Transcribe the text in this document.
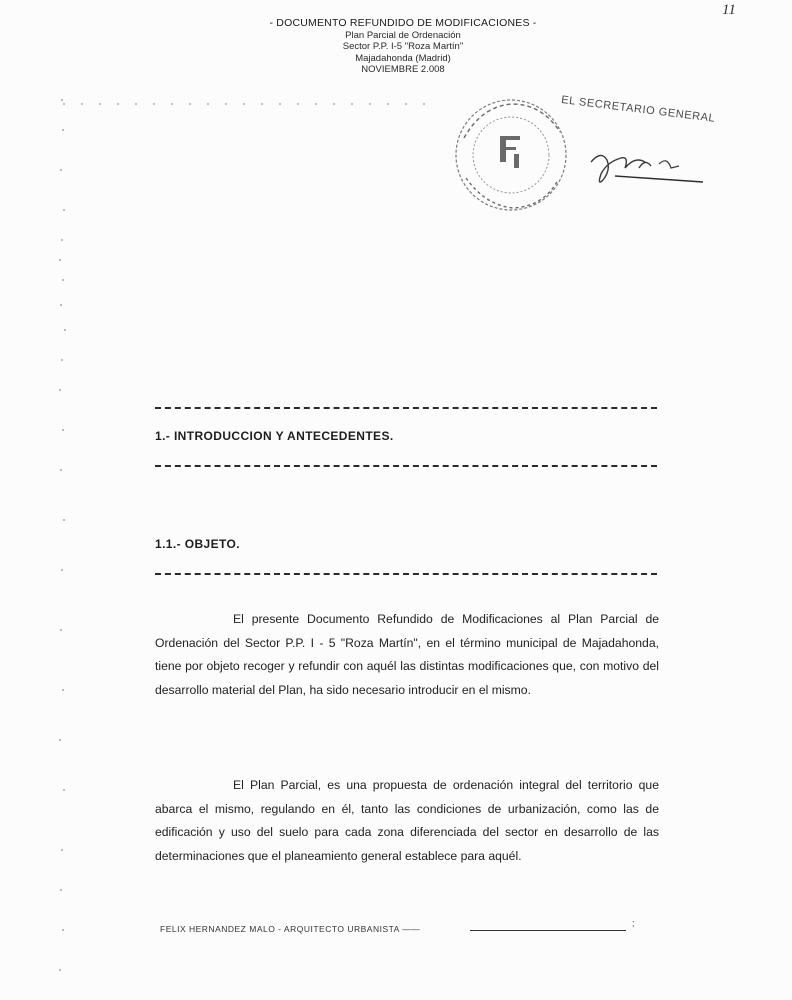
11
- DOCUMENTO REFUNDIDO DE MODIFICACIONES -
Plan Parcial de Ordenación
Sector P.P. I-5 "Roza Martín"
Majadahonda (Madrid)
NOVIEMBRE 2.008
EL SECRETARIO GENERAL
1.- INTRODUCCION Y ANTECEDENTES.
1.1.- OBJETO.

El presente Documento Refundido de Modificaciones al Plan Parcial de Ordenación del Sector P.P. I - 5 "Roza Martín", en el término municipal de Majadahonda, tiene por objeto recoger y refundir con aquél las distintas modificaciones que, con motivo del desarrollo material del Plan, ha sido necesario introducir en el mismo.

El Plan Parcial, es una propuesta de ordenación integral del territorio que abarca el mismo, regulando en él, tanto las condiciones de urbanización, como las de edificación y uso del suelo para cada zona diferenciada del sector en desarrollo de las determinaciones que el planeamiento general establece para aquél.

FELIX HERNANDEZ MALO - ARQUITECTO URBANISTA ——
;
